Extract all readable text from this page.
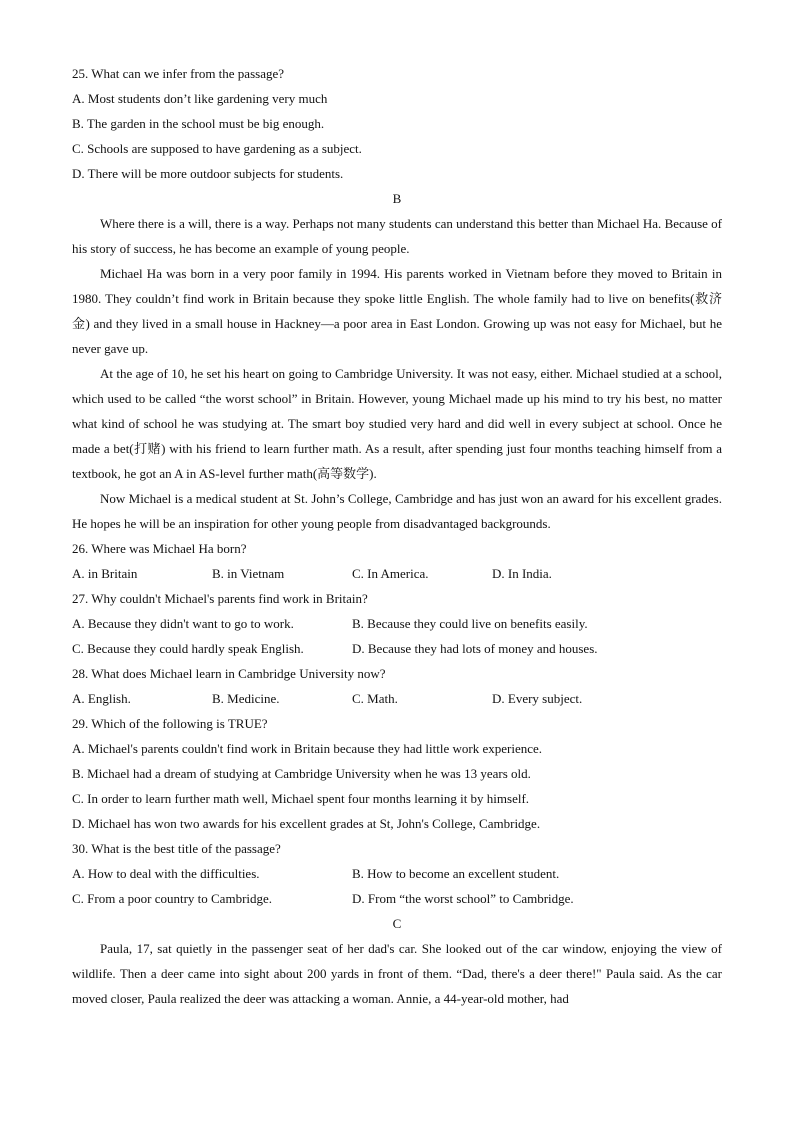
25. What can we infer from the passage?
A. Most students don’t like gardening very much
B. The garden in the school must be big enough.
C. Schools are supposed to have gardening as a subject.
D. There will be more outdoor subjects for students.
B
Where there is a will, there is a way. Perhaps not many students can understand this better than Michael Ha. Because of his story of success, he has become an example of young people.
Michael Ha was born in a very poor family in 1994. His parents worked in Vietnam before they moved to Britain in 1980. They couldn’t find work in Britain because they spoke little English. The whole family had to live on benefits(救济金) and they lived in a small house in Hackney—a poor area in East London. Growing up was not easy for Michael, but he never gave up.
At the age of 10, he set his heart on going to Cambridge University. It was not easy, either. Michael studied at a school, which used to be called “the worst school” in Britain. However, young Michael made up his mind to try his best, no matter what kind of school he was studying at. The smart boy studied very hard and did well in every subject at school. Once he made a bet(打赌) with his friend to learn further math. As a result, after spending just four months teaching himself from a textbook, he got an A in AS-level further math(高等数学).
Now Michael is a medical student at St. John’s College, Cambridge and has just won an award for his excellent grades. He hopes he will be an inspiration for other young people from disadvantaged backgrounds.
26. Where was Michael Ha born?
A. in Britain	B. in Vietnam	C. In America.	D. In India.
27. Why couldn't Michael's parents find work in Britain?
A. Because they didn't want to go to work.	B. Because they could live on benefits easily.
C. Because they could hardly speak English.	D. Because they had lots of money and houses.
28. What does Michael learn in Cambridge University now?
A. English.	B. Medicine.	C. Math.	D. Every subject.
29. Which of the following is TRUE?
A. Michael's parents couldn't find work in Britain because they had little work experience.
B. Michael had a dream of studying at Cambridge University when he was 13 years old.
C. In order to learn further math well, Michael spent four months learning it by himself.
D. Michael has won two awards for his excellent grades at St, John's College, Cambridge.
30. What is the best title of the passage?
A. How to deal with the difficulties.	B. How to become an excellent student.
C. From a poor country to Cambridge.	D. From “the worst school” to Cambridge.
C
Paula, 17, sat quietly in the passenger seat of her dad's car. She looked out of the car window, enjoying the view of wildlife. Then a deer came into sight about 200 yards in front of them. “Dad, there's a deer there!" Paula said. As the car moved closer, Paula realized the deer was attacking a woman. Annie, a 44-year-old mother, had
